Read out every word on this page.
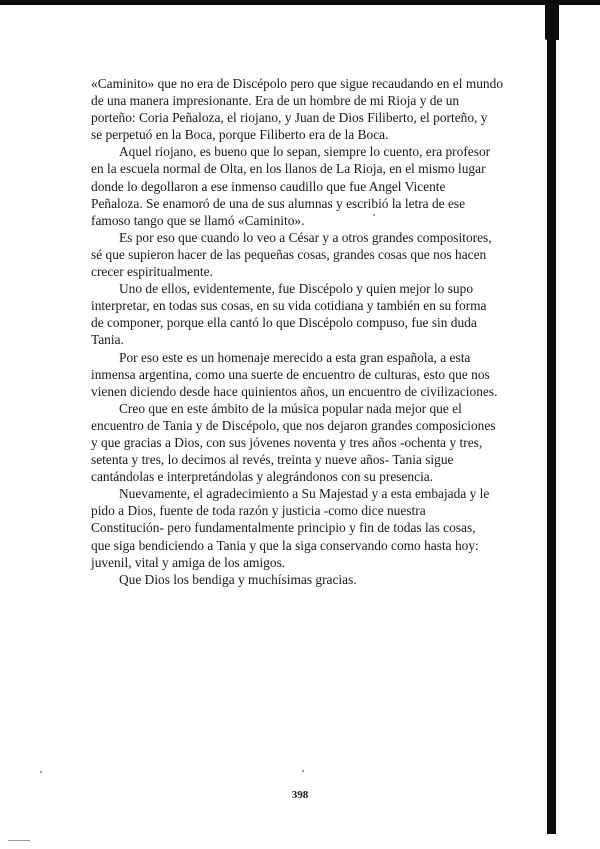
«Caminito» que no era de Discépolo pero que sigue recaudando en el mundo
de una manera impresionante. Era de un hombre de mi Rioja y de un
porteño: Coria Peñaloza, el riojano, y Juan de Dios Filiberto, el porteño, y
se perpetuó en la Boca, porque Filiberto era de la Boca.

Aquel riojano, es bueno que lo sepan, siempre lo cuento, era profesor
en la escuela normal de Olta, en los llanos de La Rioja, en el mismo lugar
donde lo degollaron a ese inmenso caudillo que fue Angel Vicente
Peñaloza. Se enamoró de una de sus alumnas y escribió la letra de ese
famoso tango que se llamó «Caminito».

Es por eso que cuando lo veo a César y a otros grandes compositores,
sé que supieron hacer de las pequeñas cosas, grandes cosas que nos hacen
crecer espiritualmente.

Uno de ellos, evidentemente, fue Discépolo y quien mejor lo supo
interpretar, en todas sus cosas, en su vida cotidiana y también en su forma
de componer, porque ella cantó lo que Discépolo compuso, fue sin duda
Tania.

Por eso este es un homenaje merecido a esta gran española, a esta
inmensa argentina, como una suerte de encuentro de culturas, esto que nos
vienen diciendo desde hace quinientos años, un encuentro de civilizaciones.

Creo que en este ámbito de la música popular nada mejor que el
encuentro de Tania y de Discépolo, que nos dejaron grandes composiciones
y que gracias a Dios, con sus jóvenes noventa y tres años -ochenta y tres,
setenta y tres, lo decimos al revés, treinta y nueve años- Tania sigue
cantándolas e interpretándolas y alegrándonos con su presencia.

Nuevamente, el agradecimiento a Su Majestad y a esta embajada y le
pido a Dios, fuente de toda razón y justicia -como dice nuestra
Constitución- pero fundamentalmente principio y fin de todas las cosas,
que siga bendiciendo a Tania y que la siga conservando como hasta hoy:
juvenil, vital y amiga de los amigos.

Que Dios los bendiga y muchísimas gracias.

398
